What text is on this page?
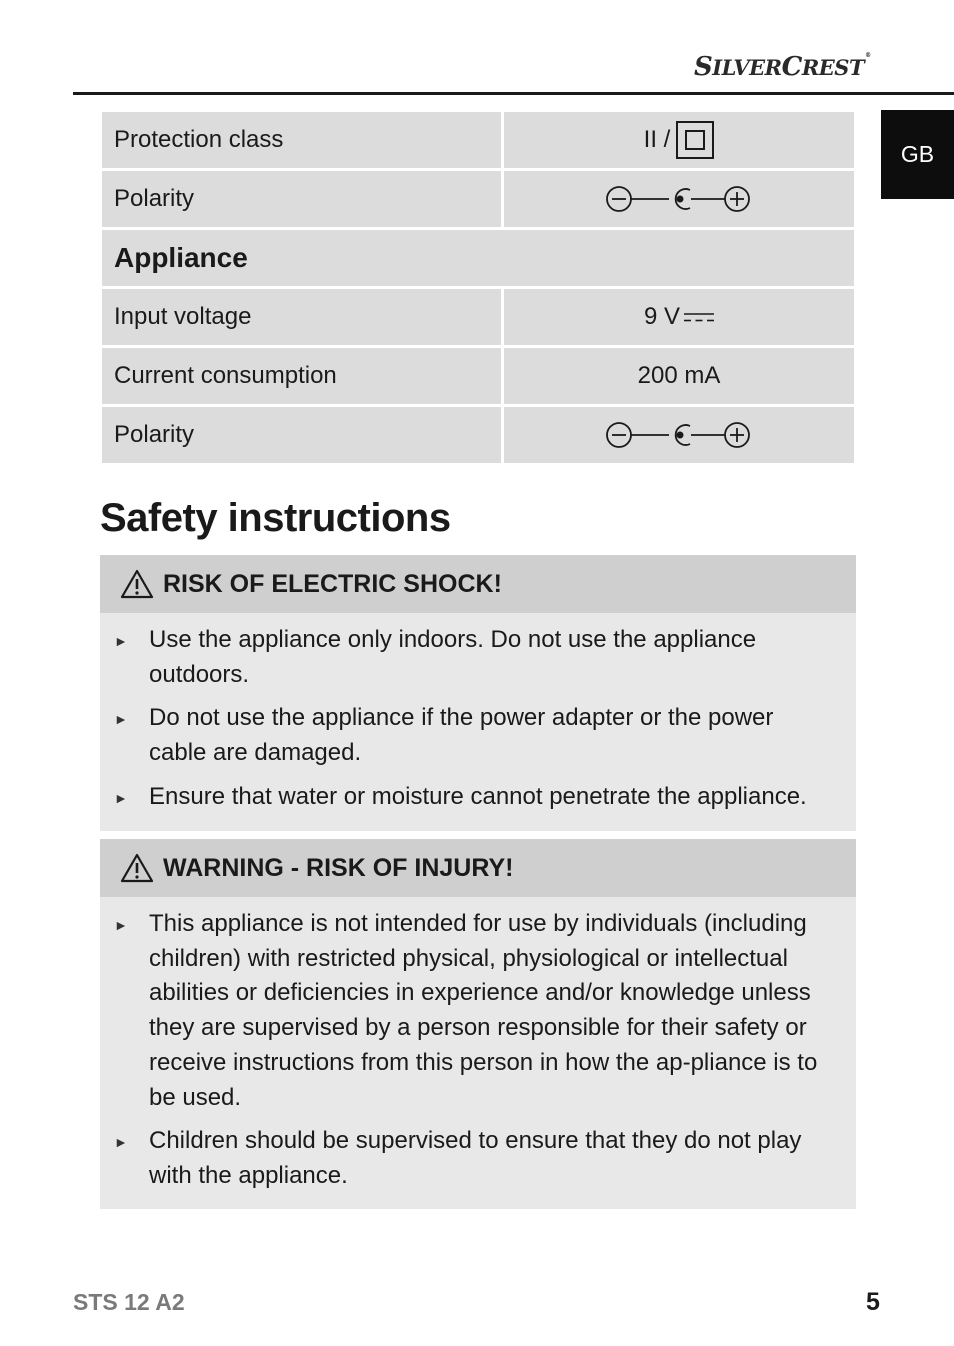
SILVERCREST®
GB
Protection class	II /
Polarity
Appliance
Input voltage	9 V
Current consumption	200 mA
Polarity
Safety instructions
RISK OF ELECTRIC SHOCK!
► Use the appliance only indoors. Do not use the appliance outdoors.
► Do not use the appliance if the power adapter or the power cable are damaged.
► Ensure that water or moisture cannot penetrate the appliance.
WARNING - RISK OF INJURY!
► This appliance is not intended for use by individuals (including children) with restricted physical, physiological or intellectual abilities or deficiencies in experience and/or knowledge unless they are supervised by a person responsible for their safety or receive instructions from this person in how the ap-pliance is to be used.
► Children should be supervised to ensure that they do not play with the appliance.
STS 12 A2	5
